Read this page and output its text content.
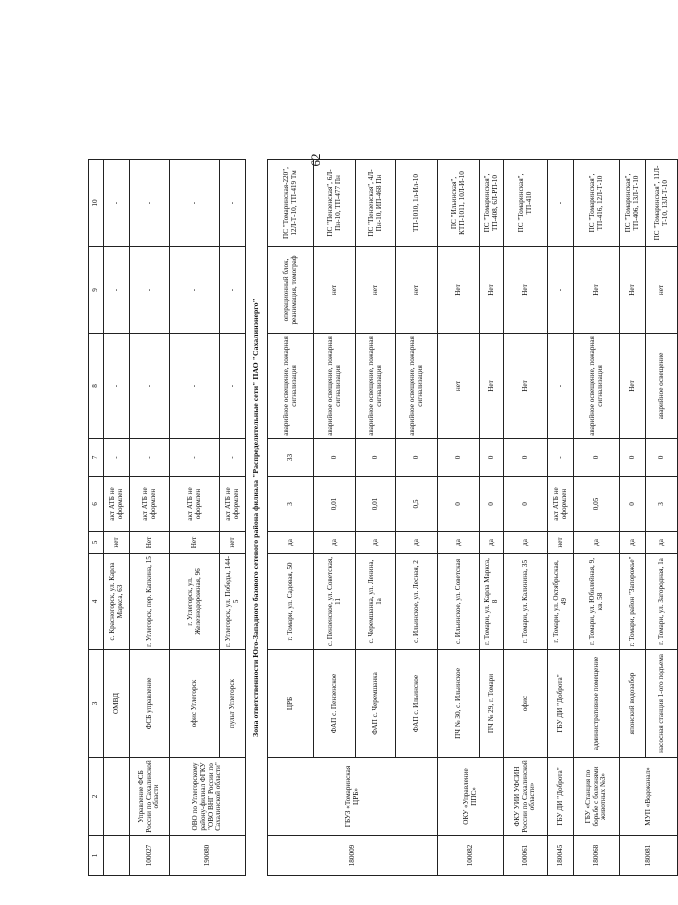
62
1	2	3	4	5	6	7	8	9	10
		ОМВД	с. Красногорск, ул. Карла Маркса, 63	нет	акт АТБ не оформлен	-	-	-	-
100027	Управление ФСБ России по Сахалинской области	ФСБ управление	г. Углегорск, пер. Капкина, 15	Нет	акт АТБ не оформлен	-	-	-	-
190080	ОВО по Углегорскому району-филиал ФГКУ "ОВО ВНГ России по Сахалинской области"	офис Углегорск	г. Углегорск, ул. Железнодорожная, 96	Нет	акт АТБ не оформлен	-	-	-	-
		пульт Углегорск	г. Углегорск, ул. Победы, 144-5	нет	акт АТБ не оформлен	-	-	-	-
Зона ответственности Юго-Западного базового сетевого района филиала "Распределительные сети" ПАО "Сахалинэнерго"									
180009	ГБУЗ «Томаринская ЦРБ»	ЦРБ	г. Томари, ул. Садовая, 50	да	3	33	аварийное освещение, пожарная сигнализация	операционный блок, реанимация, томограф	ПС "Томаринская-220", 12Л-Т-10, ТП-419 Тм
		ФАП с. Пензенское	с. Пензенское, ул. Советская, 11	да	0,01	0	аварийное освещение, пожарная сигнализация	нет	ПС "Пензенская", 6Л-Пн-10, ТП-477 Пн
		ФАП с. Черемшанка	с. Черемшанка, ул. Ленина, 1а	да	0,01	0	аварийное освещение, пожарная сигнализация	нет	ПС "Пензенская", 4Л-Пн-10, ИП-468 Пн
		ФАП с. Ильинское	с. Ильинское, ул. Лесная, 2	да	0,5	0	аварийное освещение, пожарная сигнализация	нет	ТП-1010, 1л-Ил-10
100082	ОКУ «Управление ППС»	ПЧ № 30, с. Ильинское	с. Ильинское, ул. Советская	да	0	0	нет	Нет	ПС "Ильинская", КТП-1011, 10Л-И-10
		ПЧ № 29, г. Томари	г. Томари, ул. Карла Маркса, 8	да	0	0	Нет	Нет	ПС "Томаринская", ТП-408, 6Л-РП-10
100061	ФКУ УИИ УФСИН России по Сахалинской области»	офис	г. Томари, ул. Калинина, 35	да	0	0	Нет	Нет	ПС "Томаринская", ТП-410
180045	ГБУ ДИ "Доброта"	ГБУ ДИ "Доброта"	г. Томари, ул. Октябрьская, 49	нет	акт АТБ не оформлен	-	-	-	-
180068	ГБУ «Станция по борьбе с болезнями животных №3»	административное помещение	г. Томари, ул. Юбилейная, 9, кв. 58	да	0,05	0	аварийное освещение, пожарная сигнализация	Нет	ПС "Томаринская", ТП-416, 12Л-Т-10
180081	МУП «Водоканал»	японский водозабор	г. Томари, район "Запорожье"	да	0	0	Нет	Нет	ПС "Томаринская", ТП-406, 13Л-Т-10
		насосная станция 1-ого подъема	г. Томари, ул. Загородная, 1а	да	3	0	аварийное освещение	нет	ПС "Томаринская", 11Л-Т-10, 13Л-Т-10
